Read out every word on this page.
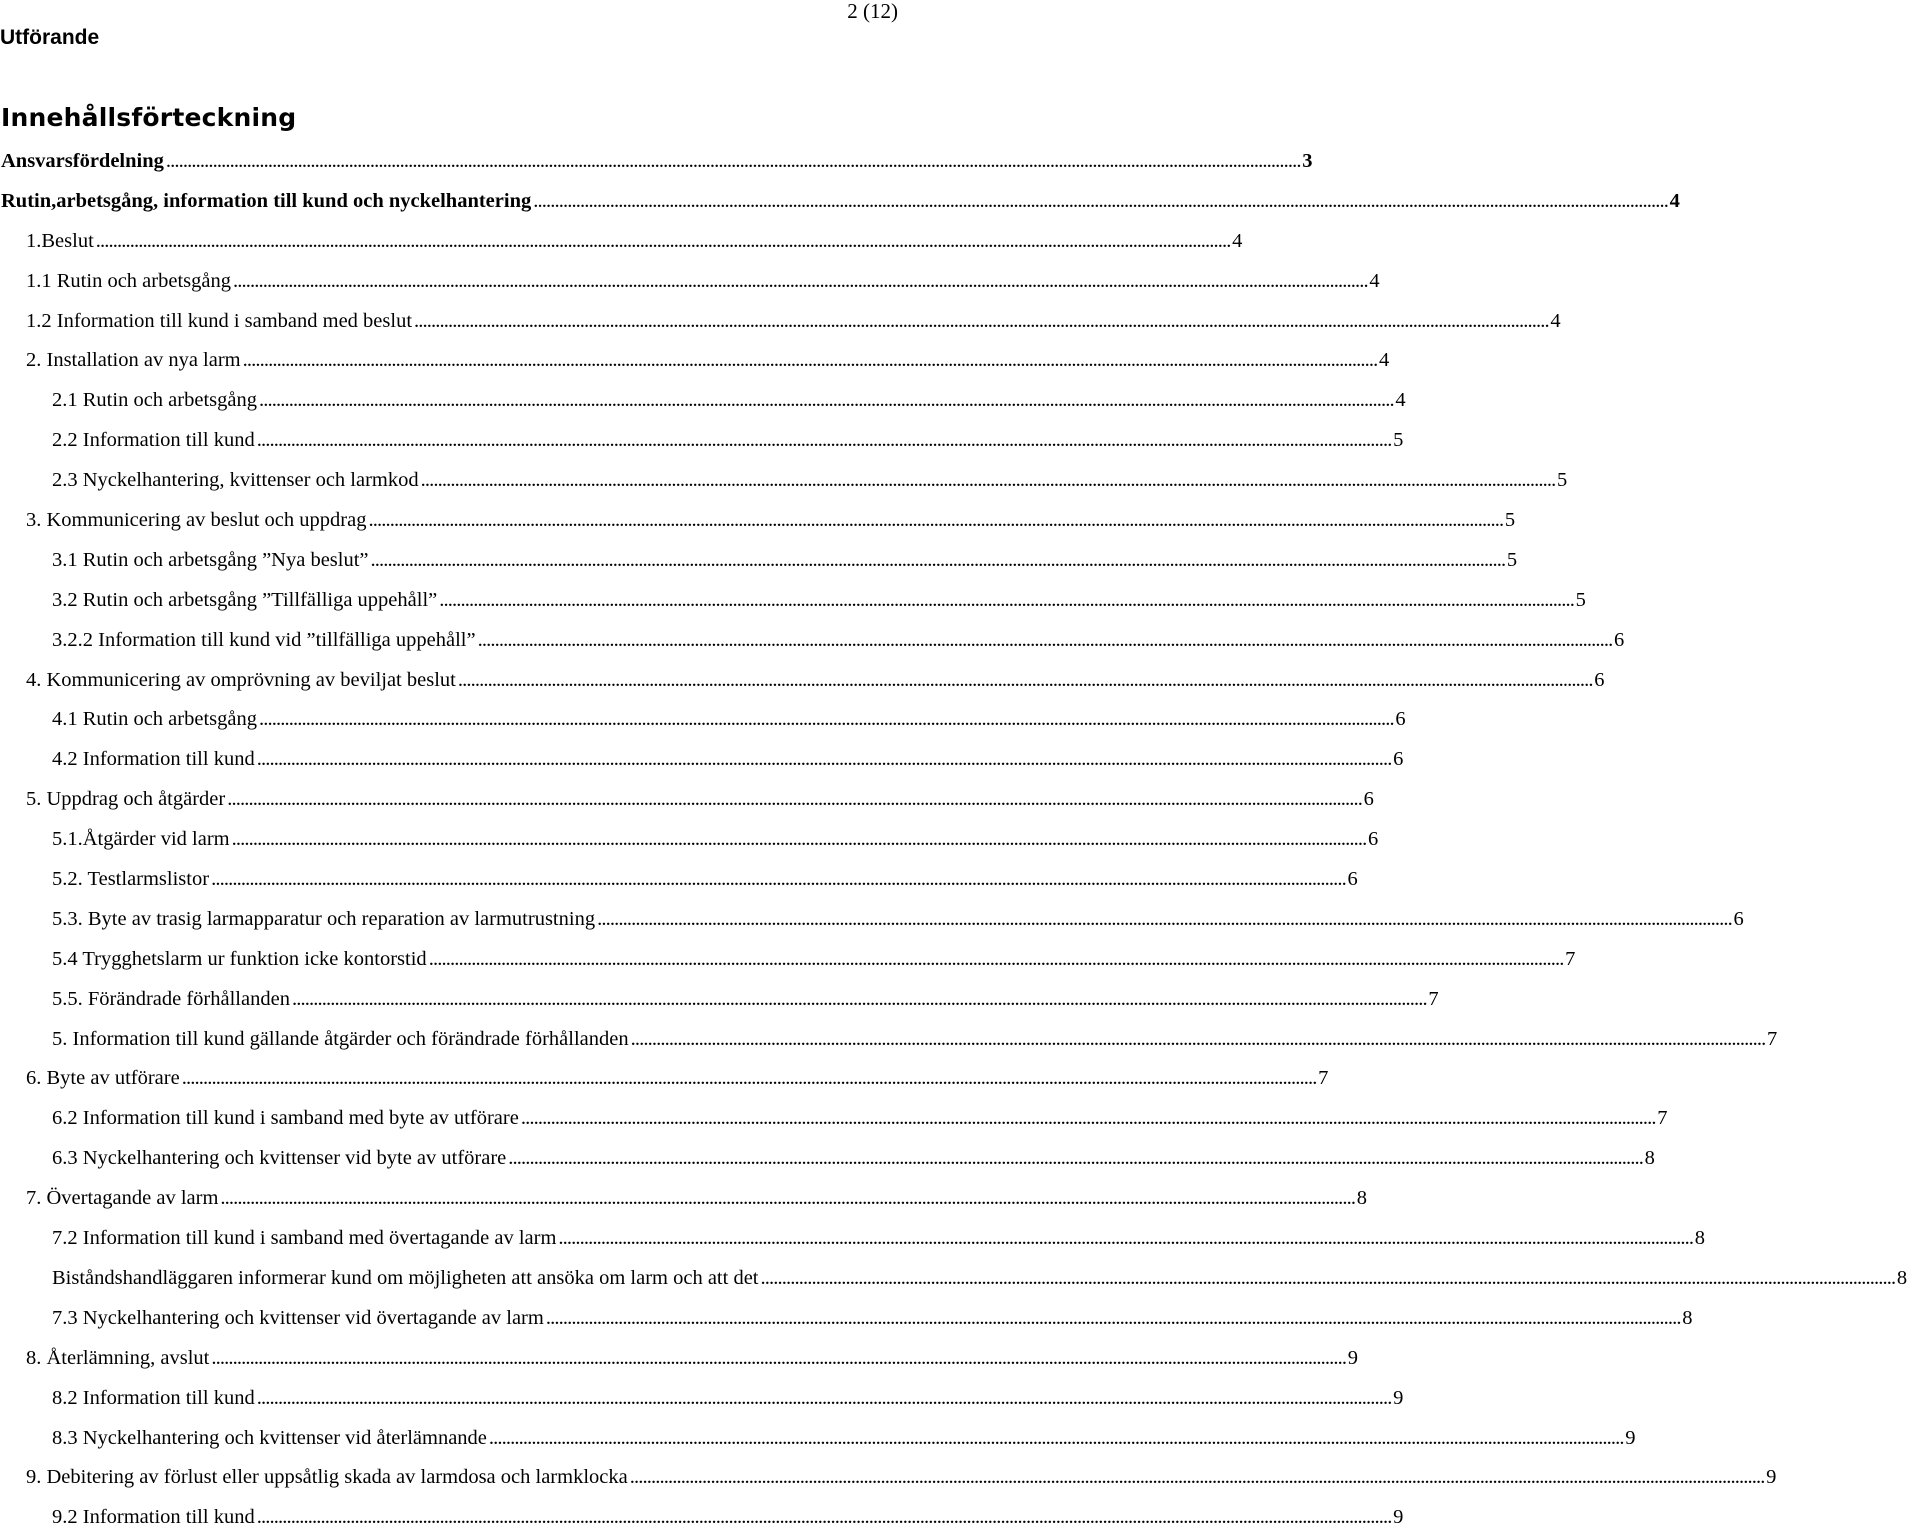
Utförande
2 (12)
Innehållsförteckning
Ansvarsfördelning . . .	3
Rutin,arbetsgång, information till kund och nyckelhantering . . .	4
1.Beslut . . .	4
1.1 Rutin och arbetsgång . . .	4
1.2 Information till kund i samband med beslut . . .	4
2. Installation av nya larm . . .	4
2.1 Rutin och arbetsgång . . .	4
2.2 Information till kund . . .	5
2.3 Nyckelhantering, kvittenser och larmkod . . .	5
3. Kommunicering av beslut och uppdrag . . .	5
3.1 Rutin och arbetsgång ”Nya beslut” . . .	5
3.2 Rutin och arbetsgång ”Tillfälliga uppehåll” . . .	5
3.2.2 Information till kund vid ”tillfälliga uppehåll” . . .	6
4. Kommunicering av omprövning av beviljat beslut . . .	6
4.1 Rutin och arbetsgång . . .	6
4.2 Information till kund . . .	6
5. Uppdrag och åtgärder . . .	6
5.1.Åtgärder vid larm . . .	6
5.2. Testlarmslistor . . .	6
5.3. Byte av trasig larmapparatur och reparation av larmutrustning . . .	6
5.4 Trygghetslarm ur funktion icke kontorstid . . .	7
5.5. Förändrade förhållanden . . .	7
5. Information till kund gällande åtgärder och förändrade förhållanden . . .	7
6. Byte av utförare . . .	7
6.2 Information till kund i samband med byte av utförare . . .	7
6.3 Nyckelhantering och kvittenser vid byte av utförare . . .	8
7. Övertagande av larm . . .	8
7.2 Information till kund i samband med övertagande av larm . . .	8
Biståndshandläggaren informerar kund om möjligheten att ansöka om larm och att det . . .	8
7.3 Nyckelhantering och kvittenser vid övertagande av larm . . .	8
8. Återlämning, avslut . . .	9
8.2 Information till kund . . .	9
8.3 Nyckelhantering och kvittenser vid återlämnande . . .	9
9. Debitering av förlust eller uppsåtlig skada av larmdosa och larmklocka . . .	9
9.2 Information till kund . . .	9
